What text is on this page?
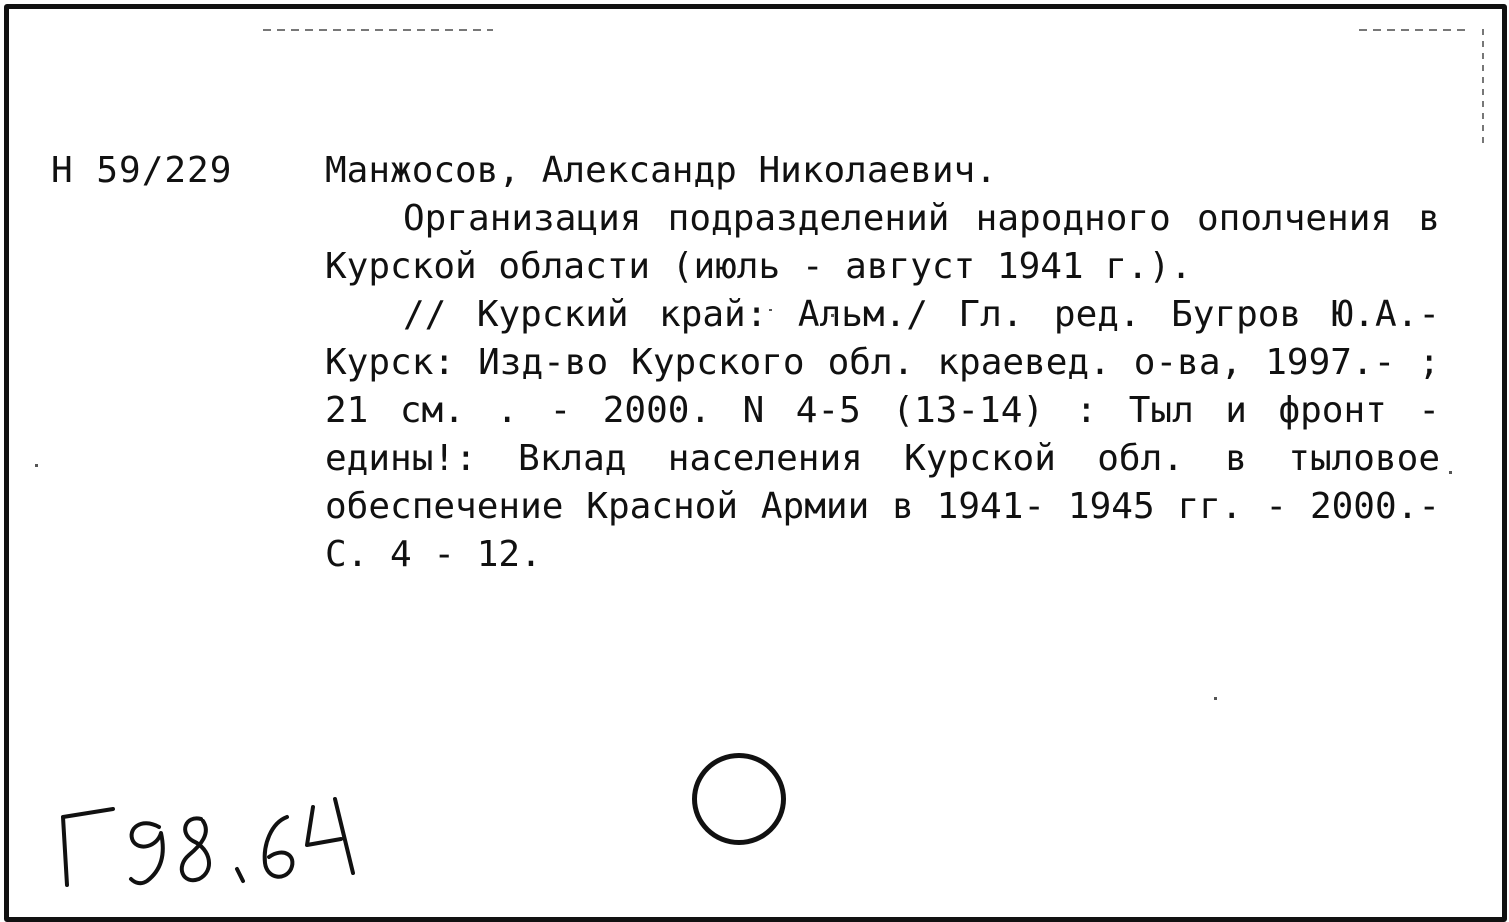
Н 59/229	Манжосов, Александр Николаевич.

Организация подразделений народного ополчения в Курской области (июль - август 1941 г.).

// Курский край: Альм./ Гл. ред. Бугров Ю.А.- Курск: Изд-во Курского обл. краевед. о-ва, 1997.- ; 21 см. . - 2000. N 4-5 (13-14) : Тыл и фронт - едины!: Вклад населения Курской обл. в тыловое обеспечение Красной Армии в 1941- 1945 гг. - 2000.-С. 4 - 12.
